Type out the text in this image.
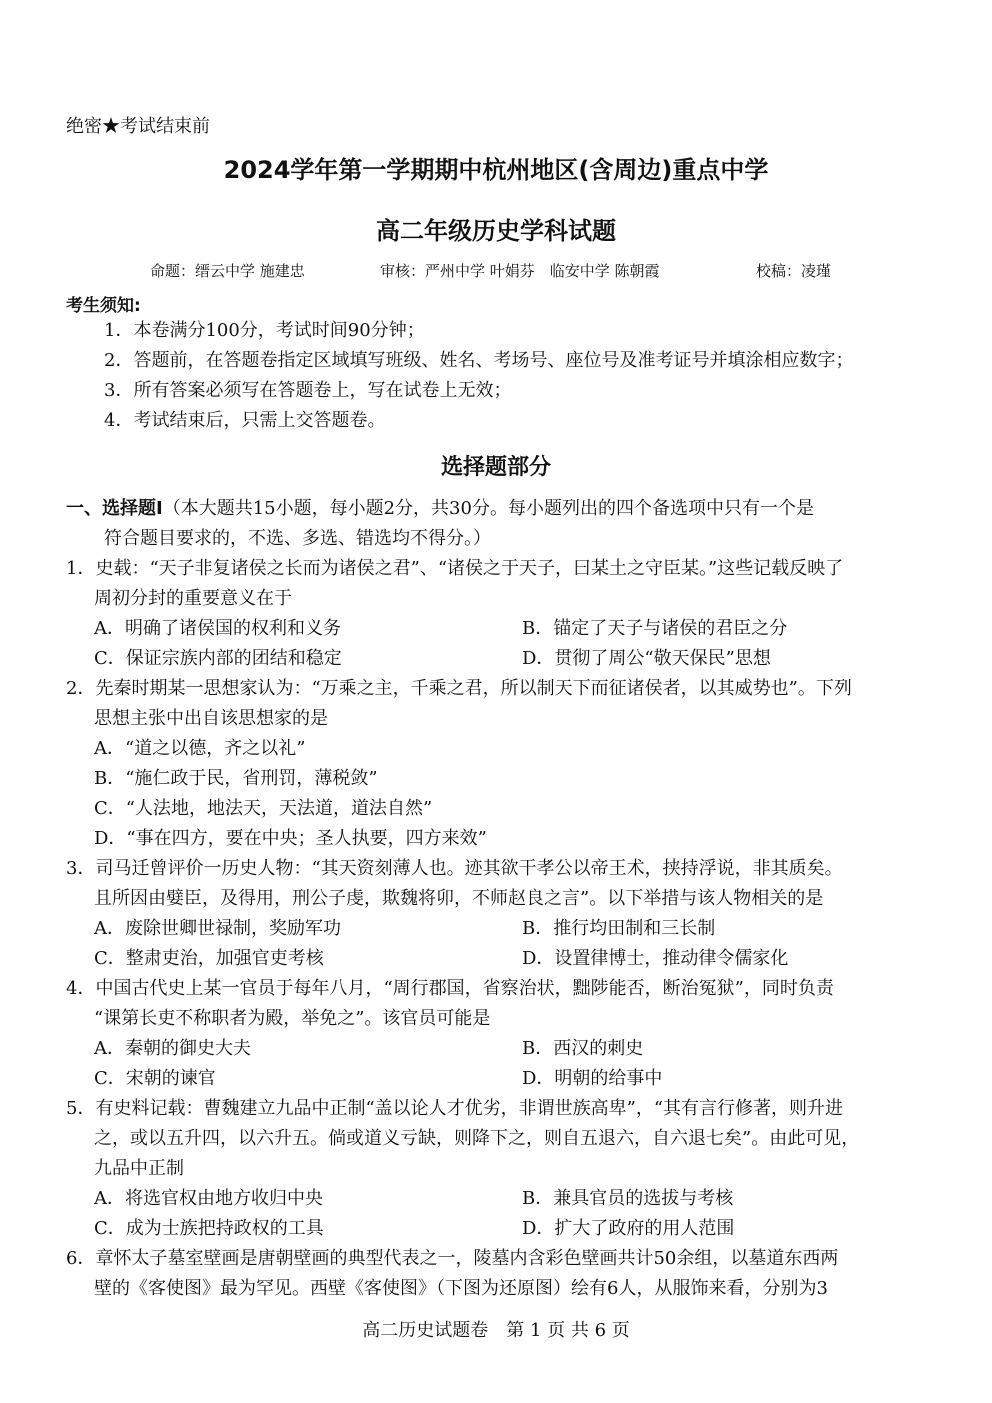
绝密★考试结束前
2024学年第一学期期中杭州地区(含周边)重点中学
高二年级历史学科试题
命题：缙云中学 施建忠	审核：严州中学 叶娟芬　临安中学 陈朝霞	校稿：凌瑾
考生须知:
1．本卷满分100分，考试时间90分钟；
2．答题前，在答题卷指定区域填写班级、姓名、考场号、座位号及准考证号并填涂相应数字；
3．所有答案必须写在答题卷上，写在试卷上无效；
4．考试结束后，只需上交答题卷。
选择题部分
一、选择题Ⅰ（本大题共15小题，每小题2分，共30分。每小题列出的四个备选项中只有一个是
符合题目要求的，不选、多选、错选均不得分。）
1．史载：“天子非复诸侯之长而为诸侯之君”、“诸侯之于天子，曰某土之守臣某。”这些记载反映了
周初分封的重要意义在于
A．明确了诸侯国的权利和义务	B．锚定了天子与诸侯的君臣之分
C．保证宗族内部的团结和稳定	D．贯彻了周公“敬天保民”思想
2．先秦时期某一思想家认为：“万乘之主，千乘之君，所以制天下而征诸侯者，以其威势也”。下列
思想主张中出自该思想家的是
A．“道之以德，齐之以礼”
B．“施仁政于民，省刑罚，薄税敛”
C．“人法地，地法天，天法道，道法自然”
D．“事在四方，要在中央；圣人执要，四方来效”
3．司马迁曾评价一历史人物：“其天资刻薄人也。迹其欲干孝公以帝王术，挟持浮说，非其质矣。
且所因由嬖臣，及得用，刑公子虔，欺魏将卯，不师赵良之言”。以下举措与该人物相关的是
A．废除世卿世禄制，奖励军功	B．推行均田制和三长制
C．整肃吏治，加强官吏考核	D．设置律博士，推动律令儒家化
4．中国古代史上某一官员于每年八月，“周行郡国，省察治状，黜陟能否，断治冤狱”，同时负责
“课第长吏不称职者为殿，举免之”。该官员可能是
A．秦朝的御史大夫	B．西汉的刺史
C．宋朝的谏官	D．明朝的给事中
5．有史料记载：曹魏建立九品中正制“盖以论人才优劣，非谓世族高卑”，“其有言行修著，则升进
之，或以五升四，以六升五。倘或道义亏缺，则降下之，则自五退六，自六退七矣”。由此可见，
九品中正制
A．将选官权由地方收归中央	B．兼具官员的选拔与考核
C．成为士族把持政权的工具	D．扩大了政府的用人范围
6．章怀太子墓室壁画是唐朝壁画的典型代表之一，陵墓内含彩色壁画共计50余组，以墓道东西两
壁的《客使图》最为罕见。西壁《客使图》（下图为还原图）绘有6人，从服饰来看，分别为3
高二历史试题卷　第 1 页 共 6 页
